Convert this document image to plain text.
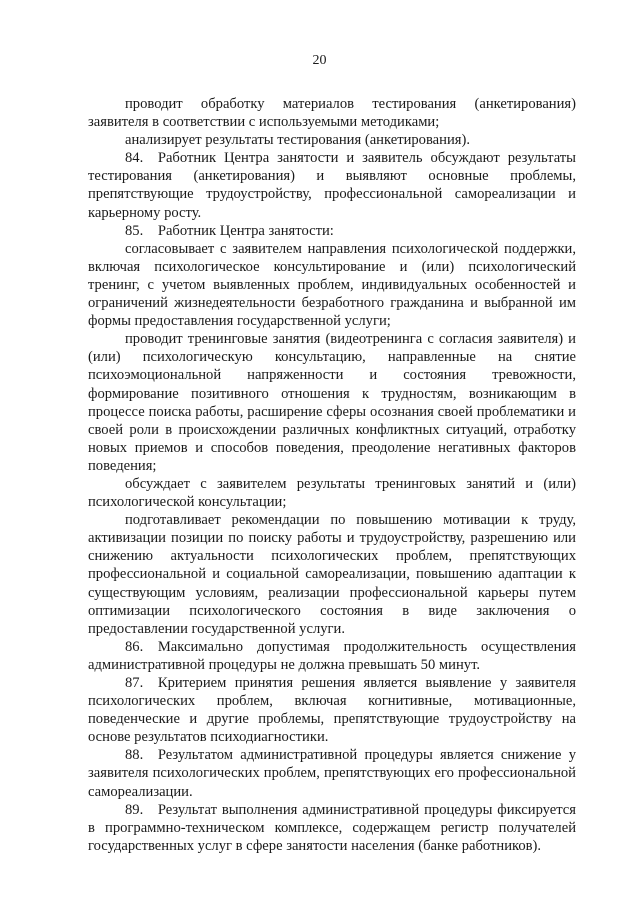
20

проводит обработку материалов тестирования (анкетирования) заявителя в соответствии с используемыми методиками;

анализирует результаты тестирования (анкетирования).

84. Работник Центра занятости и заявитель обсуждают результаты тестирования (анкетирования) и выявляют основные проблемы, препятствующие трудоустройству, профессиональной самореализации и карьерному росту.

85. Работник Центра занятости:

согласовывает с заявителем направления психологической поддержки, включая психологическое консультирование и (или) психологический тренинг, с учетом выявленных проблем, индивидуальных особенностей и ограничений жизнедеятельности безработного гражданина и выбранной им формы предоставления государственной услуги;

проводит тренинговые занятия (видеотренинга с согласия заявителя) и (или) психологическую консультацию, направленные на снятие психоэмоциональной напряженности и состояния тревожности, формирование позитивного отношения к трудностям, возникающим в процессе поиска работы, расширение сферы осознания своей проблематики и своей роли в происхождении различных конфликтных ситуаций, отработку новых приемов и способов поведения, преодоление негативных факторов поведения;

обсуждает с заявителем результаты тренинговых занятий и (или) психологической консультации;

подготавливает рекомендации по повышению мотивации к труду, активизации позиции по поиску работы и трудоустройству, разрешению или снижению актуальности психологических проблем, препятствующих профессиональной и социальной самореализации, повышению адаптации к существующим условиям, реализации профессиональной карьеры путем оптимизации психологического состояния в виде заключения о предоставлении государственной услуги.

86. Максимально допустимая продолжительность осуществления административной процедуры не должна превышать 50 минут.

87. Критерием принятия решения является выявление у заявителя психологических проблем, включая когнитивные, мотивационные, поведенческие и другие проблемы, препятствующие трудоустройству на основе результатов психодиагностики.

88. Результатом административной процедуры является снижение у заявителя психологических проблем, препятствующих его профессиональной самореализации.

89. Результат выполнения административной процедуры фиксируется в программно-техническом комплексе, содержащем регистр получателей государственных услуг в сфере занятости населения (банке работников).
